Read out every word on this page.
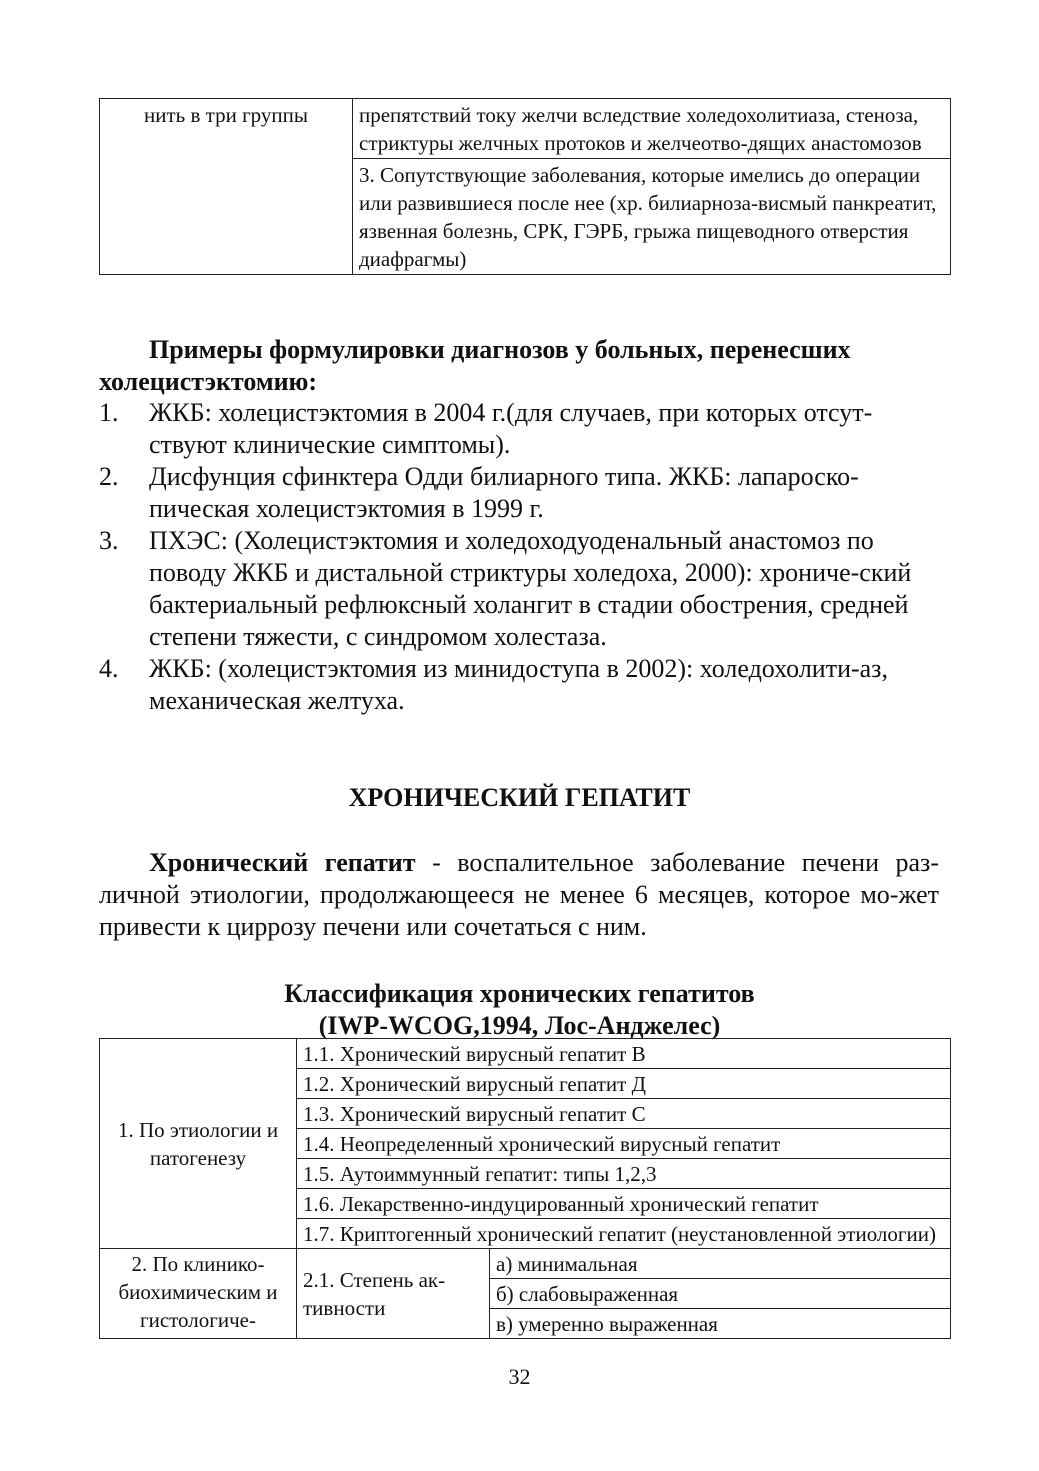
нить в три группы	препятствий току желчи вследствие холедохолитиаза, стеноза, стриктуры желчных протоков и желчеотво-дящих анастомозов
3. Сопутствующие заболевания, которые имелись до операции или развившиеся после нее (хр. билиарноза-висмый панкреатит, язвенная болезнь, СРК, ГЭРБ, грыжа пищеводного отверстия диафрагмы)
Примеры формулировки диагнозов у больных, перенесших холецистэктомию:
1. ЖКБ: холецистэктомия в 2004 г.(для случаев, при которых отсут-ствуют клинические симптомы).
2. Дисфунция сфинктера Одди билиарного типа. ЖКБ: лапароско-пическая холецистэктомия в 1999 г.
3. ПХЭС: (Холецистэктомия и холедоходуоденальный анастомоз по поводу ЖКБ и дистальной стриктуры холедоха, 2000): хрониче-ский бактериальный рефлюксный холангит в стадии обострения, средней степени тяжести, с синдромом холестаза.
4. ЖКБ: (холецистэктомия из минидоступа в 2002): холедохолити-аз, механическая желтуха.
ХРОНИЧЕСКИЙ ГЕПАТИТ
Хронический гепатит - воспалительное заболевание печени раз-личной этиологии, продолжающееся не менее 6 месяцев, которое мо-жет привести к циррозу печени или сочетаться с ним.
Классификация хронических гепатитов
(IWP-WCOG,1994, Лос-Анджелес)
1. По этиологии и патогенезу	1.1. Хронический вирусный гепатит В	
	1.2. Хронический вирусный гепатит Д	
	1.3. Хронический вирусный гепатит С	
	1.4. Неопределенный хронический вирусный гепатит	
	1.5. Аутоиммунный гепатит: типы 1,2,3	
	1.6. Лекарственно-индуцированный хронический гепатит	
	1.7. Криптогенный хронический гепатит (неустановленной этиологии)	
2. По клинико-биохимическим и гистологиче-	2.1. Степень ак-тивности	а) минимальная
		б) слабовыраженная
		в) умеренно выраженная
32
